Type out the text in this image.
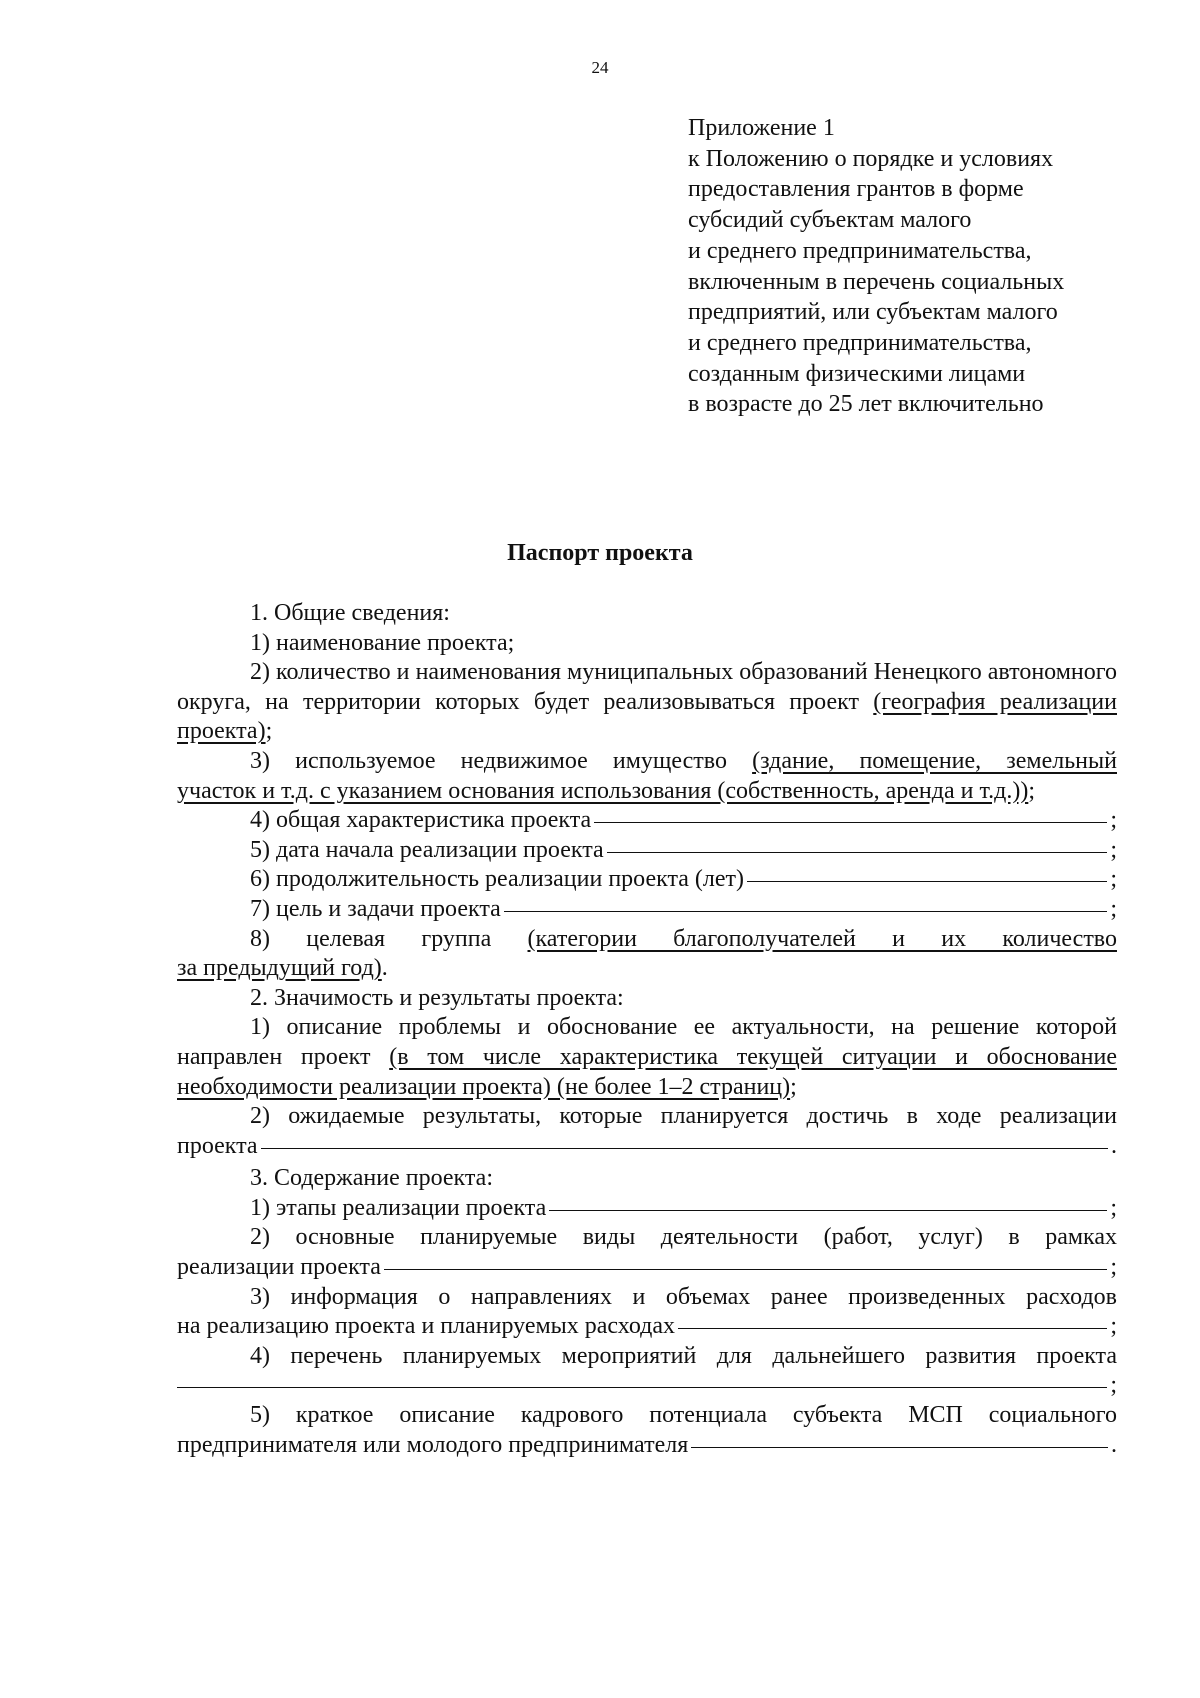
24
Приложение 1
к Положению о порядке и условиях
предоставления грантов в форме
субсидий субъектам малого
и среднего предпринимательства,
включенным в перечень социальных
предприятий, или субъектам малого
и среднего предпринимательства,
созданным физическими лицами
в возрасте до 25 лет включительно
Паспорт проекта
1. Общие сведения:
1) наименование проекта;
2) количество и наименования муниципальных образований Ненецкого автономного округа, на территории которых будет реализовываться проект (география реализации проекта);
3) используемое недвижимое имущество (здание, помещение, земельный
участок и т.д. с указанием основания использования (собственность, аренда и т.д.));
4) общая характеристика проекта	;
5) дата начала реализации проекта	;
6) продолжительность реализации проекта (лет)	;
7) цель и задачи проекта	;
8) целевая группа (категории благополучателей и их количество
за предыдущий год).
2. Значимость и результаты проекта:
1) описание проблемы и обоснование ее актуальности, на решение которой направлен проект (в том числе характеристика текущей ситуации и обоснование необходимости реализации проекта) (не более 1–2 страниц);
2) ожидаемые результаты, которые планируется достичь в ходе реализации
проекта	.
3. Содержание проекта:
1) этапы реализации проекта	;
2) основные планируемые виды деятельности (работ, услуг) в рамках
реализации проекта	;
3) информация о направлениях и объемах ранее произведенных расходов
на реализацию проекта и планируемых расходах	;
4) перечень планируемых мероприятий для дальнейшего развития проекта
;
5) краткое описание кадрового потенциала субъекта МСП социального
предпринимателя или молодого предпринимателя	.
